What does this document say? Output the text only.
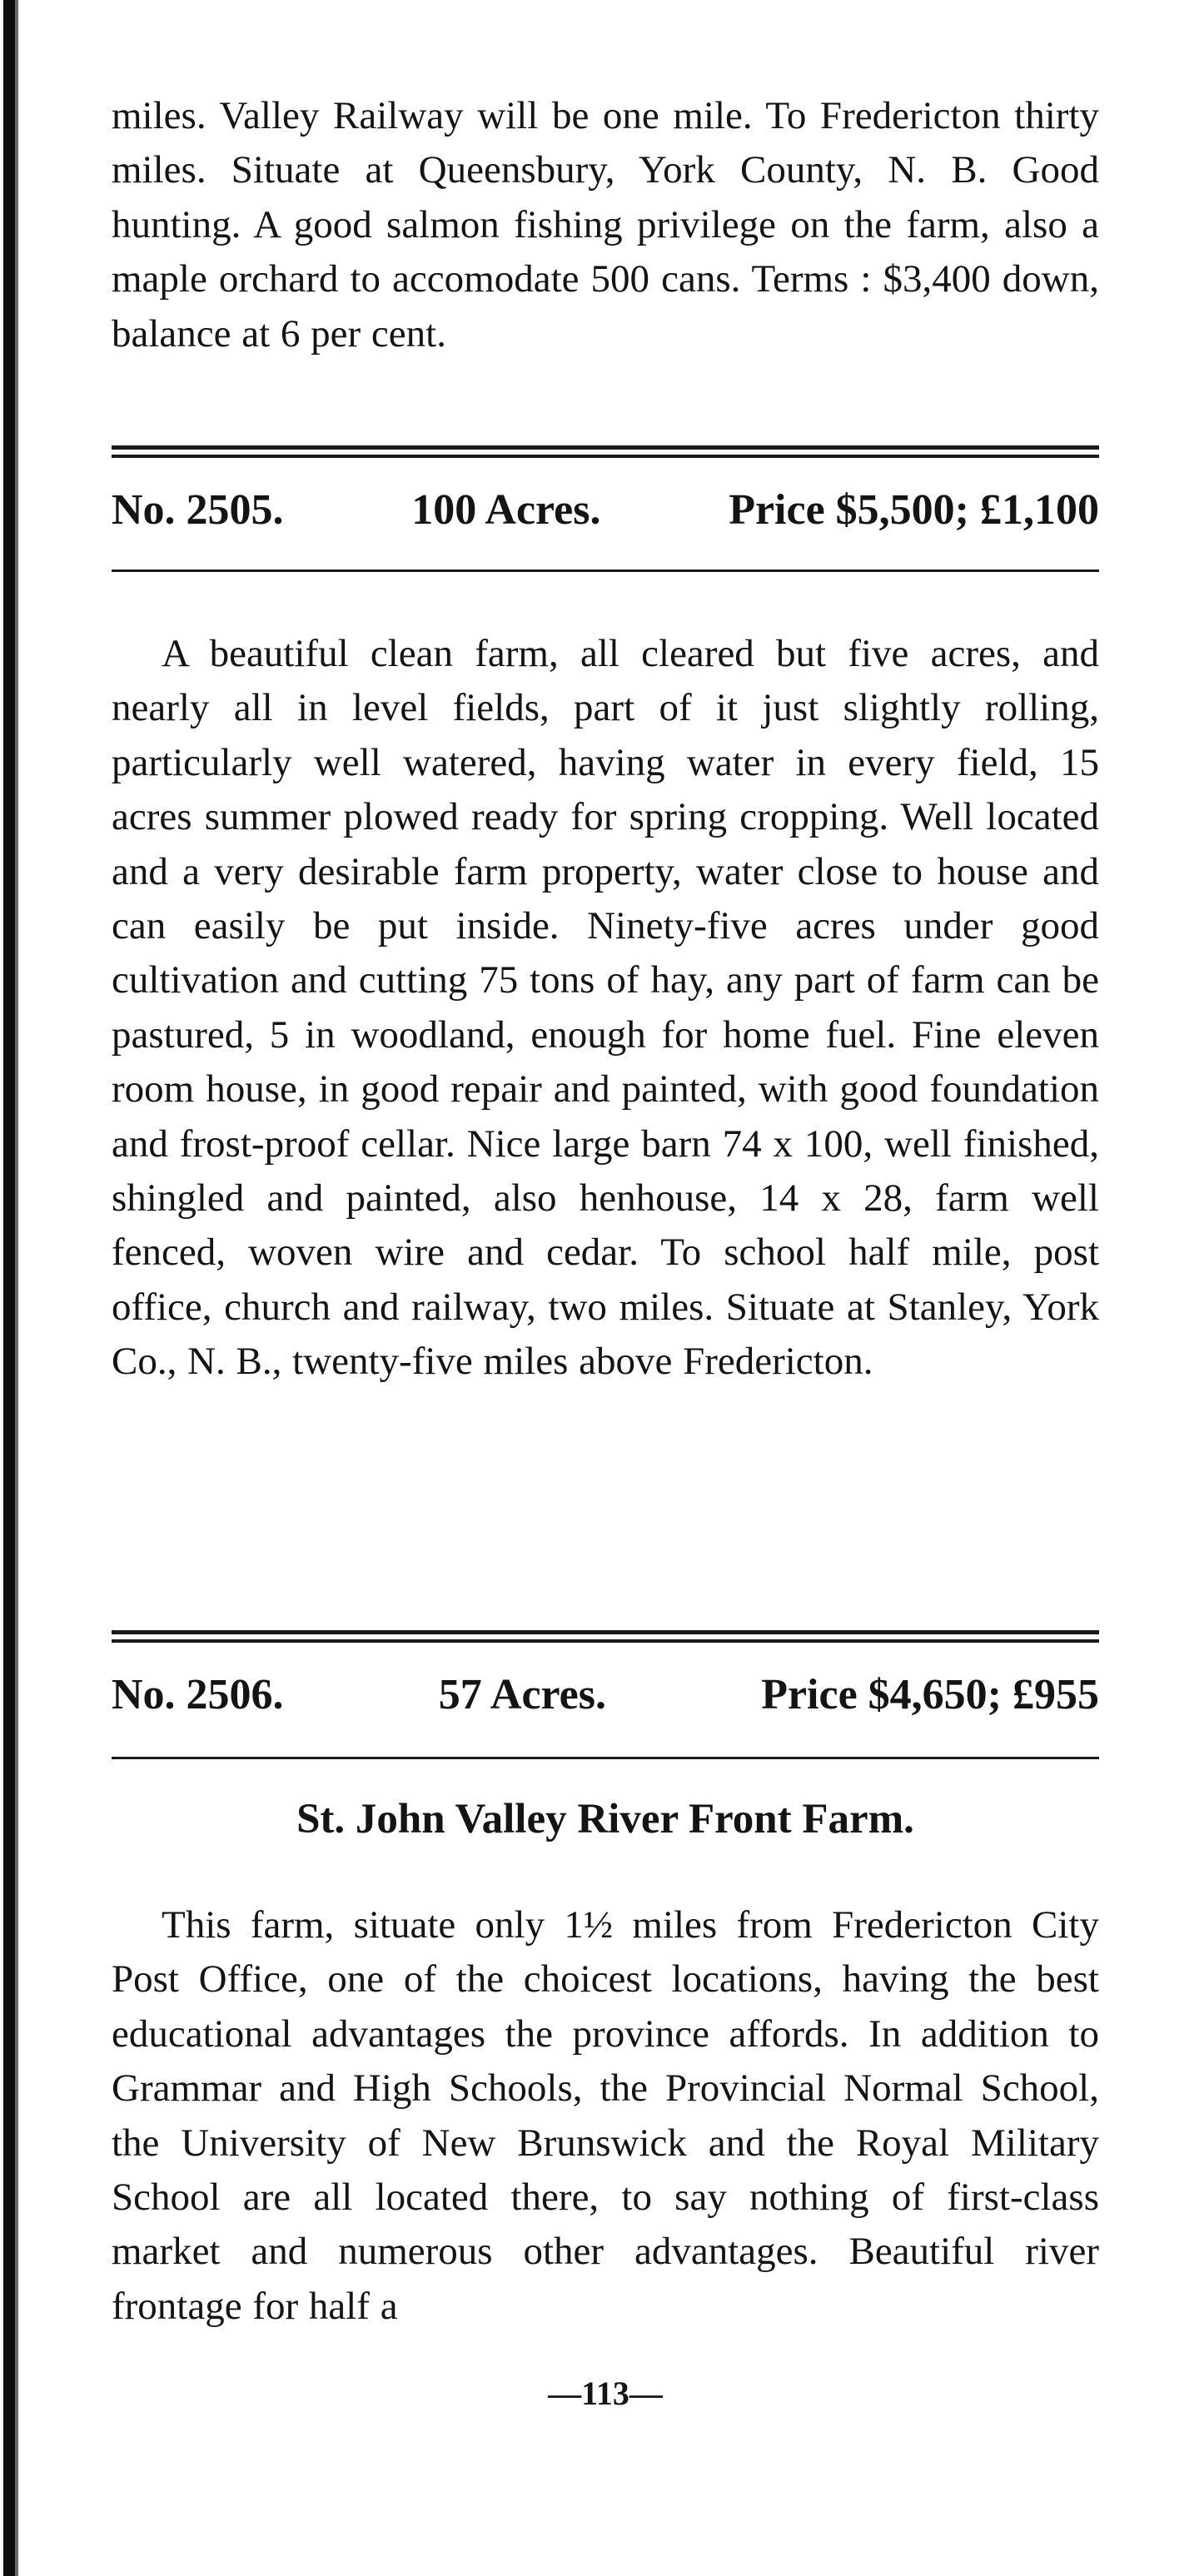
miles. Valley Railway will be one mile. To Fredericton thirty miles. Situate at Queensbury, York County, N. B. Good hunting. A good salmon fishing privilege on the farm, also a maple orchard to accomodate 500 cans. Terms : $3,400 down, balance at 6 per cent.

No. 2505.	100 Acres.	Price $5,500; £1,100

A beautiful clean farm, all cleared but five acres, and nearly all in level fields, part of it just slightly rolling, particularly well watered, having water in every field, 15 acres summer plowed ready for spring cropping. Well located and a very desirable farm property, water close to house and can easily be put inside. Ninety-five acres under good cultivation and cutting 75 tons of hay, any part of farm can be pastured, 5 in woodland, enough for home fuel. Fine eleven room house, in good repair and painted, with good foundation and frost-proof cellar. Nice large barn 74 x 100, well finished, shingled and painted, also henhouse, 14 x 28, farm well fenced, woven wire and cedar. To school half mile, post office, church and railway, two miles. Situate at Stanley, York Co., N. B., twenty-five miles above Fredericton.

No. 2506.	57 Acres.	Price $4,650; £955
St. John Valley River Front Farm.

This farm, situate only 1½ miles from Fredericton City Post Office, one of the choicest locations, having the best educational advantages the province affords. In addition to Grammar and High Schools, the Provincial Normal School, the University of New Brunswick and the Royal Military School are all located there, to say nothing of first-class market and numerous other advantages. Beautiful river frontage for half a

—113—
